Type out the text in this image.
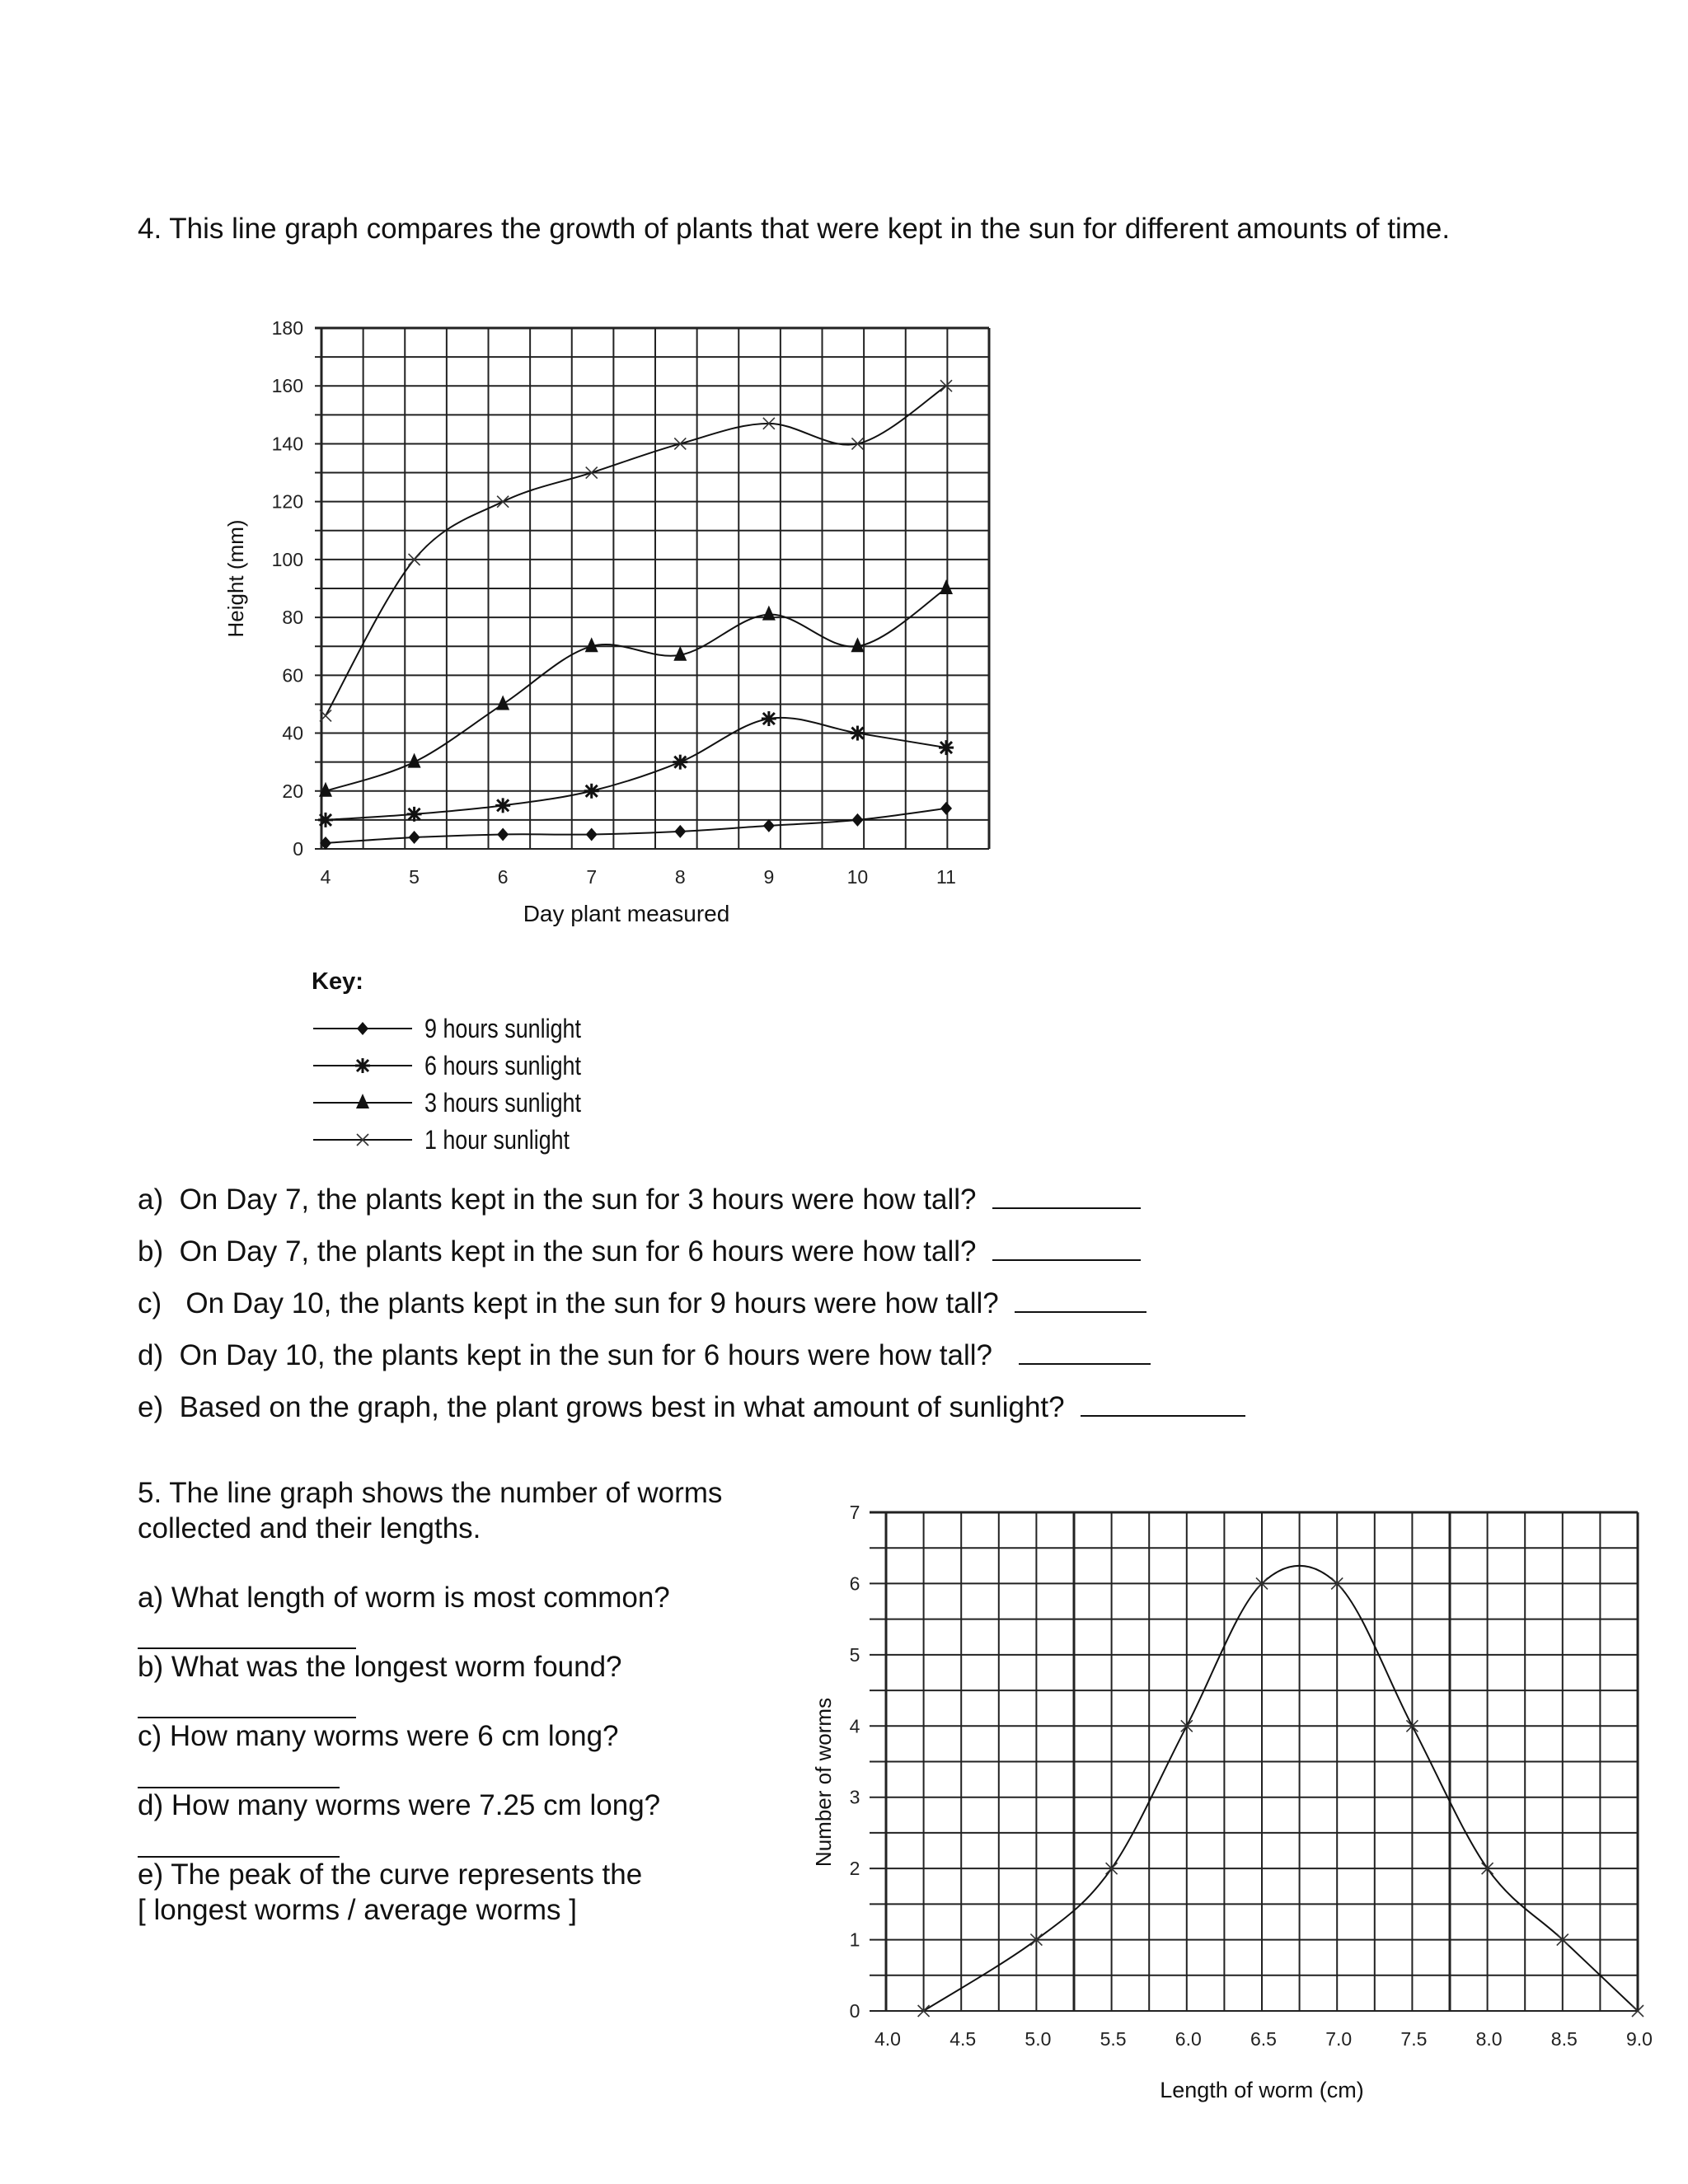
4. This line graph compares the growth of plants that were kept in the sun for different amounts of time.
0
20
40
60
80
100
120
140
160
180
4	5	6	7	8	9	10	11
Day plant measured
Height (mm)
Key:
9 hours sunlight
6 hours sunlight
3 hours sunlight
1 hour sunlight
a) On Day 7, the plants kept in the sun for 3 hours were how tall?
b) On Day 7, the plants kept in the sun for 6 hours were how tall?
c) On Day 10, the plants kept in the sun for 9 hours were how tall?
d) On Day 10, the plants kept in the sun for 6 hours were how tall?
e) Based on the graph, the plant grows best in what amount of sunlight?
5. The line graph shows the number of worms
collected and their lengths.
a) What length of worm is most common?
b) What was the longest worm found?
c) How many worms were 6 cm long?
d) How many worms were 7.25 cm long?
e) The peak of the curve represents the
[ longest worms / average worms ]
0
1
2
3
4
5
6
7
4.0	4.5	5.0	5.5	6.0	6.5	7.0	7.5	8.0	8.5	9.0
Length of worm (cm)
Number of worms
